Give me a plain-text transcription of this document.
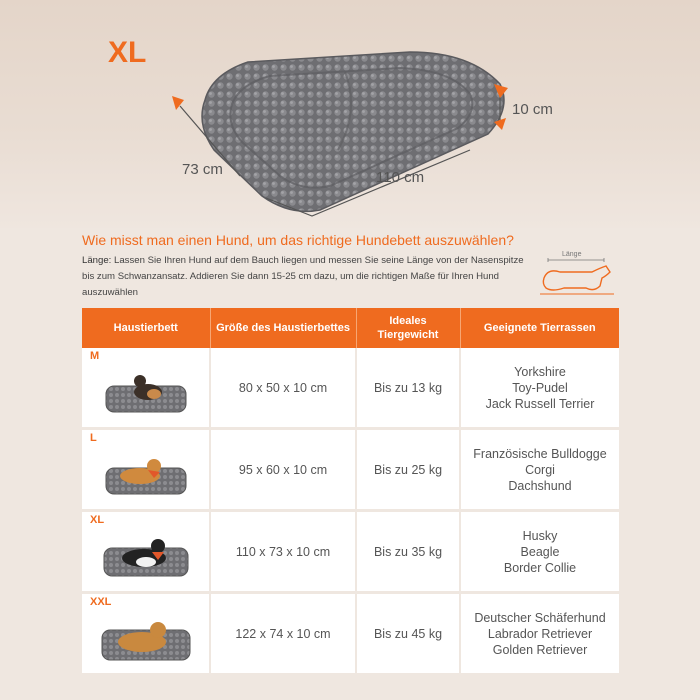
XL
73 cm	110 cm
10 cm
Wie misst man einen Hund, um das richtige Hundebett auszuwählen?
Länge: Lassen Sie Ihren Hund auf dem Bauch liegen und messen Sie seine Länge von der Nasenspitze bis zum Schwanzansatz. Addieren Sie dann 15-25 cm dazu, um die richtigen Maße für Ihren Hund auszuwählen
Länge
Haustierbett	Größe des Haustierbettes	Ideales Tiergewicht	Geeignete Tierrassen

M	80 x 50 x 10 cm	Bis zu 13 kg	Yorkshire
Toy-Pudel
Jack Russell Terrier

L	95 x 60 x 10 cm	Bis zu 25 kg	Französische Bulldogge
Corgi
Dachshund

XL	110 x 73 x 10 cm	Bis zu 35 kg	Husky
Beagle
Border Collie

XXL	122 x 74 x 10 cm	Bis zu 45 kg	Deutscher Schäferhund
Labrador Retriever
Golden Retriever
